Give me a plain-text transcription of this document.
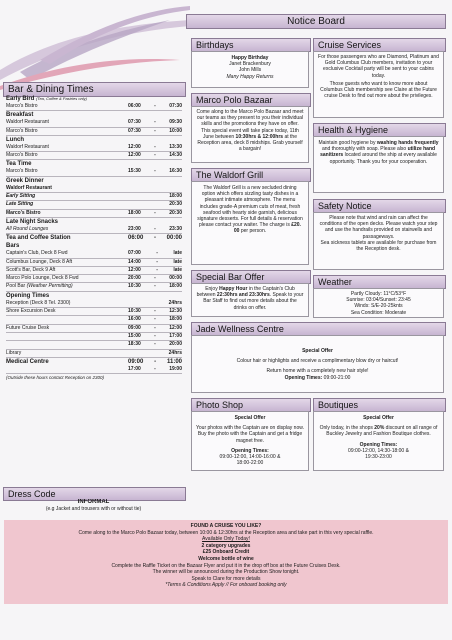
Notice Board
Bar & Dining Times
Early Bird (Tea, Coffee & Pastries only)
Marco's Bistro	06:00	-	07:30
Breakfast
Waldorf Restaurant	07:30	-	09:30
Marco's Bistro	07:30	-	10:00
Lunch
Waldorf Restaurant	12:00	-	13:30
Marco's Bistro	12:00	-	14:30
Tea Time
Marco's Bistro	15:30	-	16:30
Greek Dinner
Waldorf Restaurant
Early Sitting	18:00
Late Sitting	20:30
Marco's Bistro	18:00	-	20:30
Late Night Snacks
All Round Lounges	23:00	-	23:30
Tea and Coffee Station	06:00 - 00:00
Bars
Captain's Club, Deck 8 Fwd	07:00	-	late
Columbus Lounge, Deck 8 Aft	14:00	-	late
Scott's Bar, Deck 9 Aft	12:00	-	late
Marco Polo Lounge, Deck 8 Fwd	20:00	-	00:00
Pool Bar (Weather Permitting)	10:30	-	18:00
Opening Times
Reception (Deck 8 Tel. 2300)	24hrs
Shore Excursion Desk	10:30	-	12:30
16:00	-	18:00
Future Cruise Desk	09:00	-	12:00
15:00	-	17:00
18:30	-	20:00
Library	24hrs
Medical Centre	09:00 - 11:00
17:00	-	19:00
(Outside these hours contact Reception on 2300)
Dress Code
INFORMAL
(e.g Jacket and trousers with or without tie)
Birthdays
Happy Birthday
Janet Brackenbury
John Mills
Many Happy Returns
Marco Polo Bazaar
Come along to the Marco Polo Bazaar and meet our teams as they present to you their individual skills and the promotions they have on offer. This special event will take place today, 11th June between 10:30hrs & 12:00hrs at the Reception area, deck 8 midships. Grab yourself a bargain!
The Waldorf Grill
The Waldorf Grill is a new secluded dining option which offers sizzling tasty dishes in a pleasant intimate atmosphere. The menu includes grade-A premium cuts of meat, fresh seafood with hearty side garnish, delicious signature desserts. For full details & reservation please contact your waiter. The charge is £20. 00 per person.
Special Bar Offer
Enjoy Happy Hour in the Captain's Club between 22:30hrs and 23:30hrs. Speak to your Bar Staff to find out more details about the drinks on offer.
Cruise Services
For those passengers who are Diamond, Platinum and Gold Columbus Club members, invitation to your exclusive Cocktail party will be sent to your cabins today.
Those guests who want to know more about Columbus Club membership see Claire at the Future cruise Desk to find out more about the privileges.
Health & Hygiene
Maintain good hygiene by washing hands frequently and thoroughly with soap. Please also utilize hand sanitizers located around the ship at every available opportunity. Thank you for your cooperation.
Safety Notice
Please note that wind and rain can affect the conditions of the open decks. Please watch your step and use the handrails provided on stairwells and passageways.
Sea sickness tablets are available for purchase from the Reception desk.
Weather
Partly Cloudy: 11°C/53°F
Sunrise: 03:04/Sunset: 23:45
Winds: S/E-20-25knts
Sea Condition: Moderate
Jade Wellness Centre
Special Offer
Colour hair or highlights and receive a complimentary blow dry or haircut!
Return home with a completely new hair style!
Opening Times: 09:00-21:00
Photo Shop
Special Offer
Your photos with the Captain are on display now. Buy the photo with the Captain and get a fridge magnet free.
Opening Times:
09:00-12:00, 14:00-16:00 &
18:00-22:00
Boutiques
Special Offer
Only today, in the shops 20% discount on all range of Buckley Jewelry and Fashion Boutique clothes.
Opening Times:
09:00-12:00, 14:30-18:00 &
19:30-23:00
FOUND A CRUISE YOU LIKE?
Come along to the Marco Polo Bazaar today, between 10:00 & 12:30hrs at the Reception area and take part in this very special raffle.
Available Only Today!
2 category upgrades
£25 Onboard Credit
Welcome bottle of wine
Complete the Raffle Ticket on the Bazaar Flyer and put it in the drop off box at the Future Cruises Desk.
The winner will be announced during the Production Show tonight.
Speak to Clare for more details
*Terms & Conditions Apply // For onboard booking only
